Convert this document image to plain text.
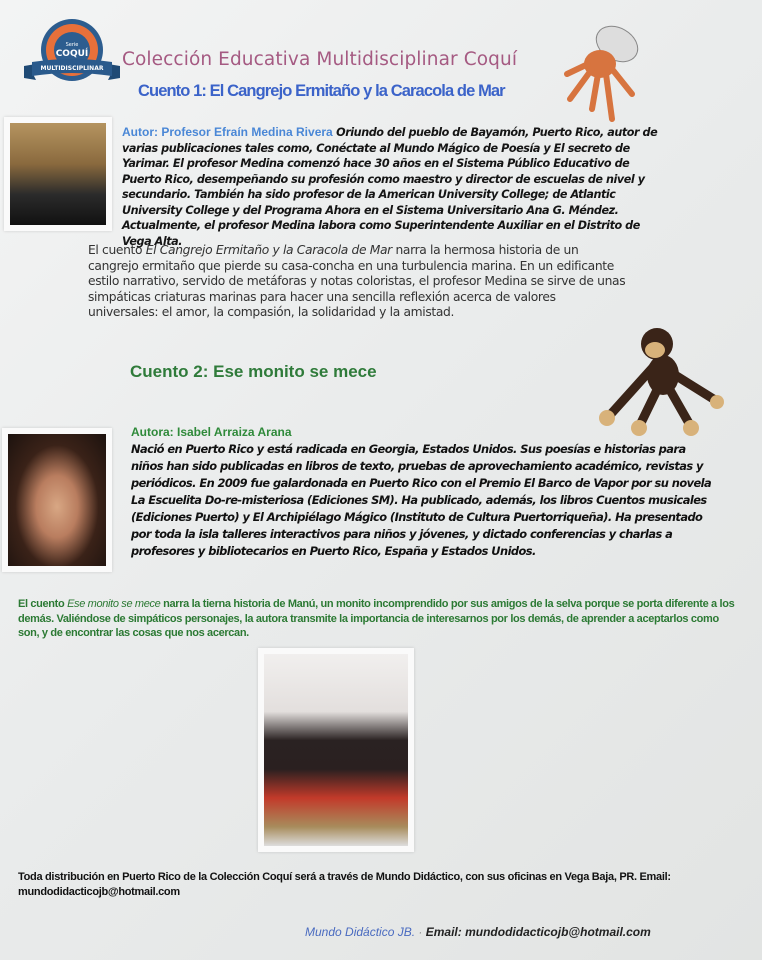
Serie
COQUÍ
MULTIDISCIPLINAR Colección Educativa Multidisciplinar Coquí
Cuento 1: El Cangrejo Ermitaño y la Caracola de Mar
Autor: Profesor Efraín Medina Rivera Oriundo del pueblo de Bayamón, Puerto Rico, autor de varias publicaciones tales como, Conéctate al Mundo Mágico de Poesía y El secreto de Yarimar. El profesor Medina comenzó hace 30 años en el Sistema Público Educativo de Puerto Rico, desempeñando su profesión como maestro y director de escuelas de nivel y secundario. También ha sido profesor de la American University College; de Atlantic University College y del Programa Ahora en el Sistema Universitario Ana G. Méndez. Actualmente, el profesor Medina labora como Superintendente Auxiliar en el Distrito de Vega Alta.
El cuento El Cangrejo Ermitaño y la Caracola de Mar narra la hermosa historia de un cangrejo ermitaño que pierde su casa-concha en una turbulencia marina. En un edificante estilo narrativo, servido de metáforas y notas coloristas, el profesor Medina se sirve de unas simpáticas criaturas marinas para hacer una sencilla reflexión acerca de valores universales: el amor, la compasión, la solidaridad y la amistad.
Cuento 2: Ese monito se mece
Autora: Isabel Arraiza Arana
Nació en Puerto Rico y está radicada en Georgia, Estados Unidos. Sus poesías e historias para niños han sido publicadas en libros de texto, pruebas de aprovechamiento académico, revistas y periódicos. En 2009 fue galardonada en Puerto Rico con el Premio El Barco de Vapor por su novela La Escuelita Do-re-misteriosa (Ediciones SM). Ha publicado, además, los libros Cuentos musicales (Ediciones Puerto) y El Archipiélago Mágico (Instituto de Cultura Puertorriqueña). Ha presentado por toda la isla talleres interactivos para niños y jóvenes, y dictado conferencias y charlas a profesores y bibliotecarios en Puerto Rico, España y Estados Unidos.
El cuento Ese monito se mece narra la tierna historia de Manú, un monito incomprendido por sus amigos de la selva porque se porta diferente a los demás. Valiéndose de simpáticos personajes, la autora transmite la importancia de interesarnos por los demás, de aprender a aceptarlos como son, y de encontrar las cosas que nos acercan.
Toda distribución en Puerto Rico de la Colección Coquí será a través de Mundo Didáctico, con sus oficinas en Vega Baja, PR. Email: mundodidacticojb@hotmail.com
Mundo Didáctico JB. · Email: mundodidacticojb@hotmail.com
